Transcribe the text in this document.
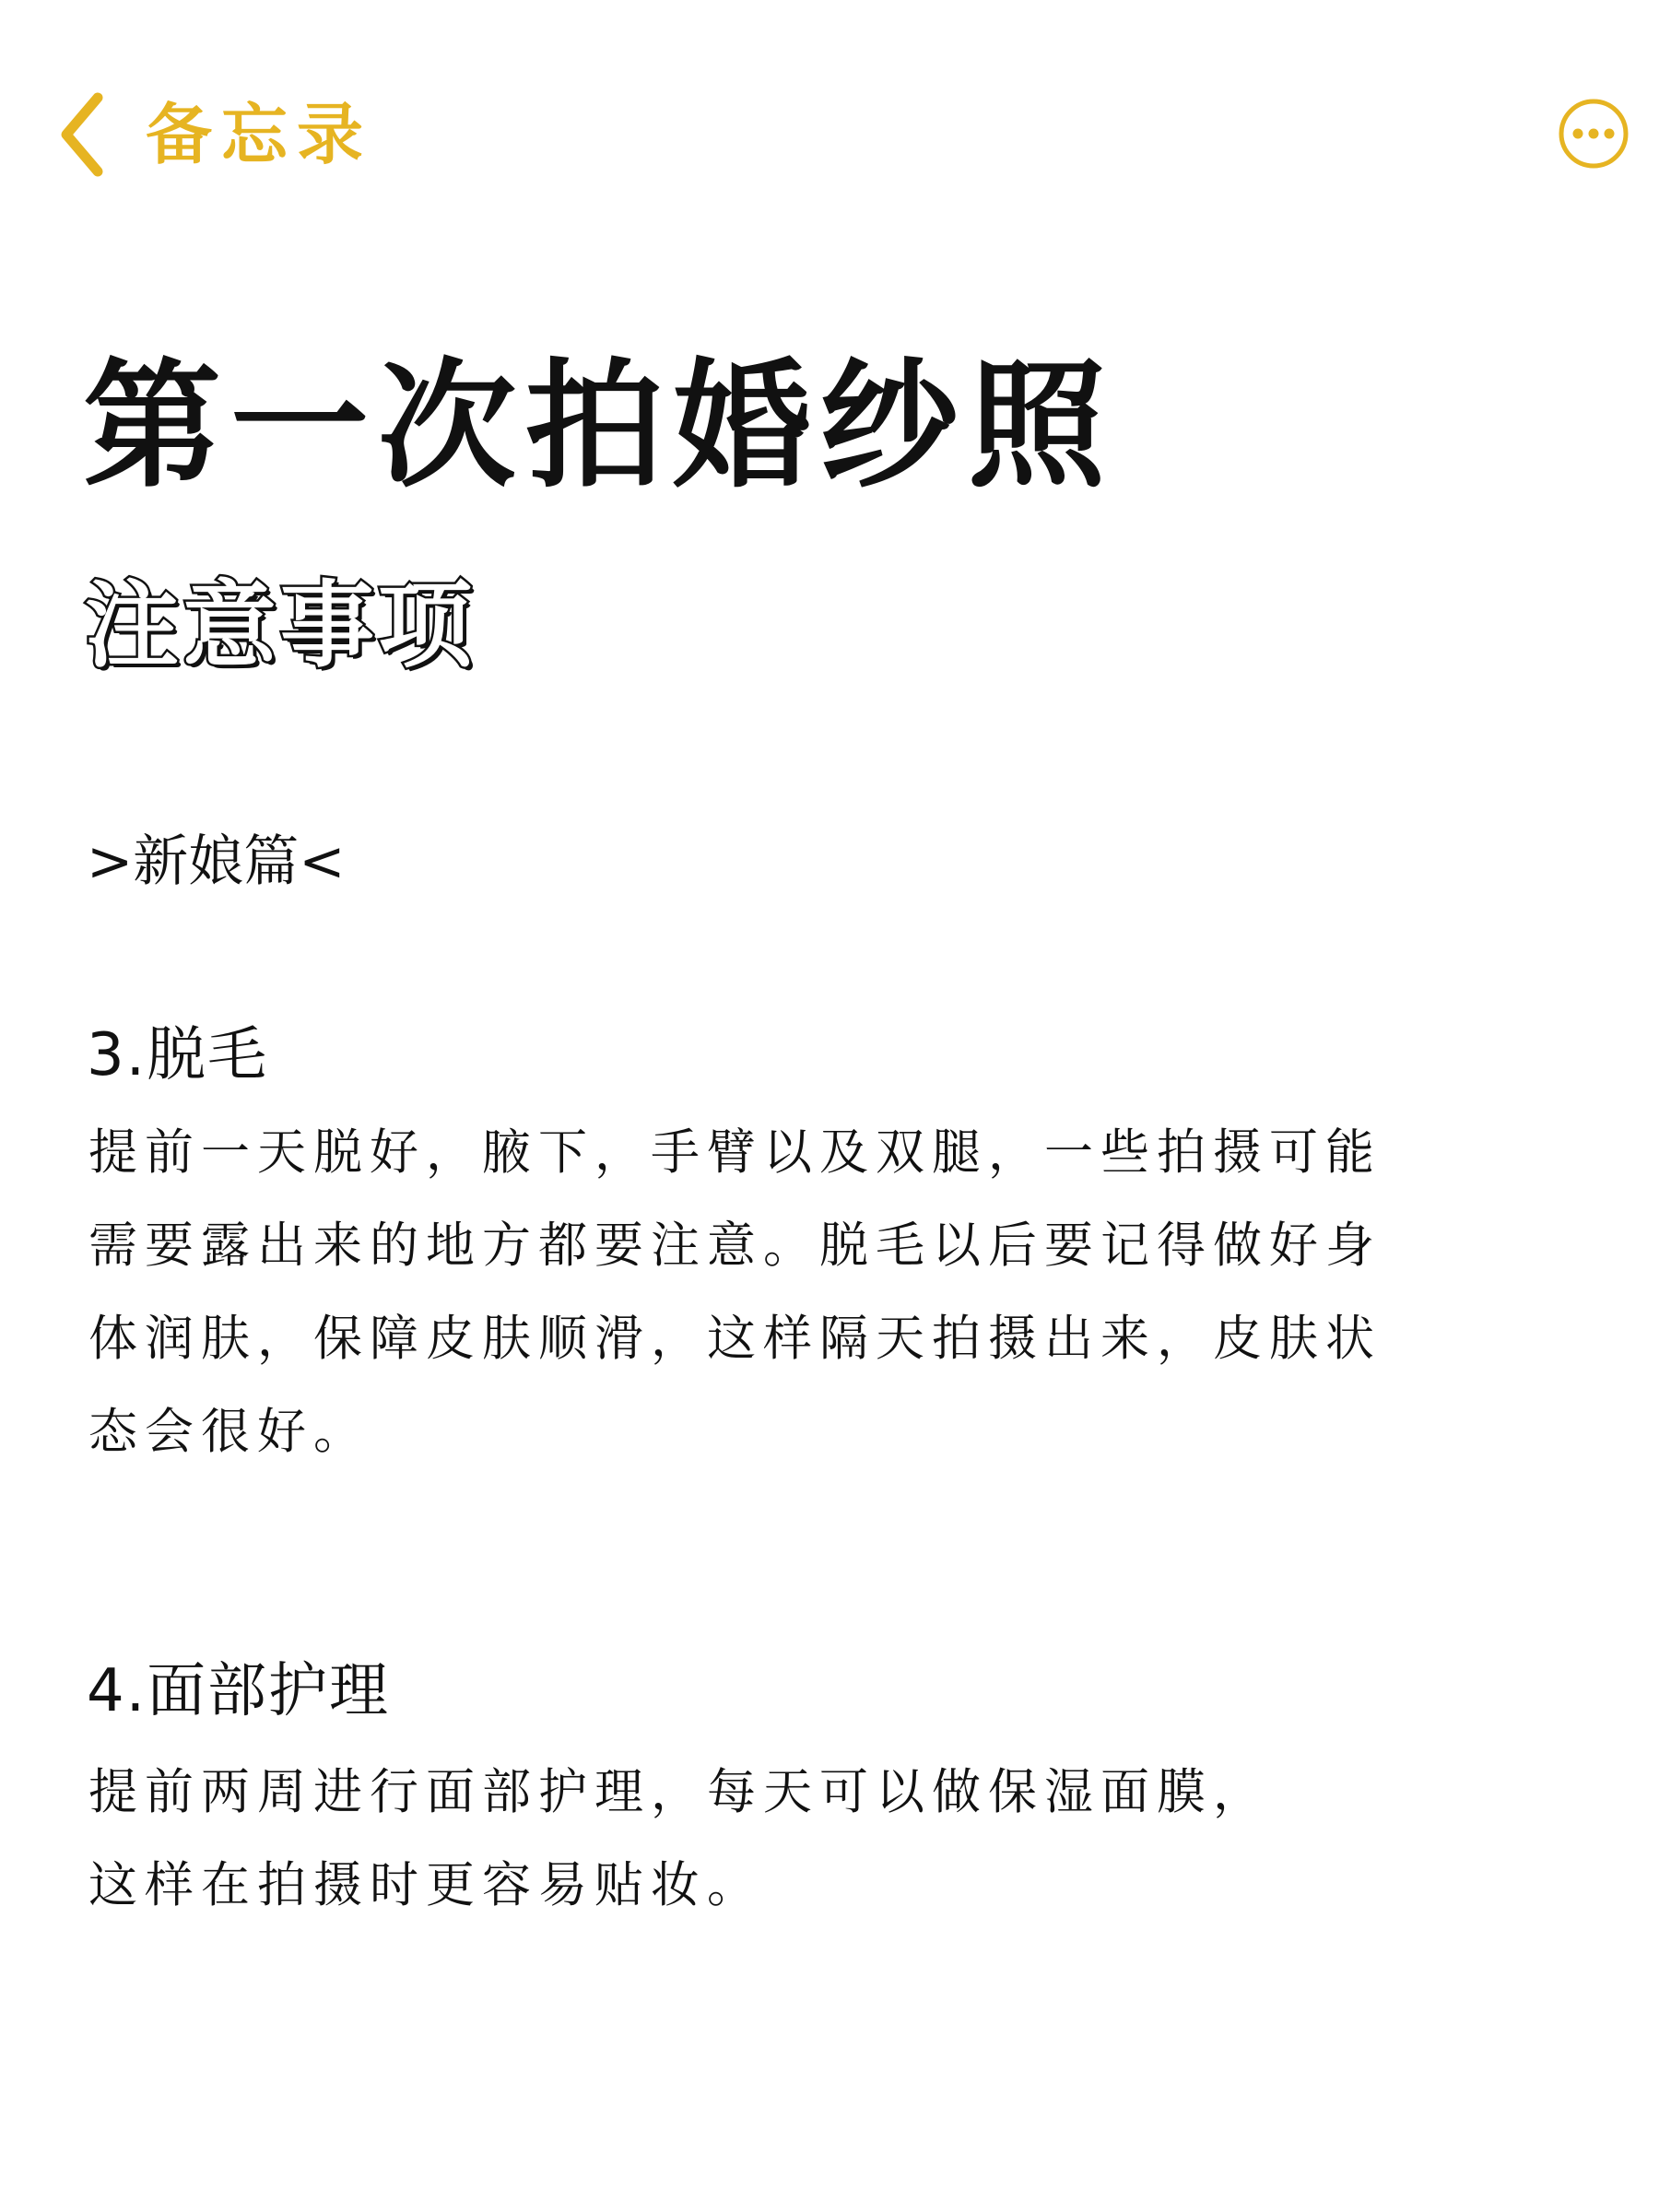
备忘录
第一次拍婚纱照
注意事项
>新娘篇<
3.脱毛
提前一天脱好，腋下，手臂以及双腿，一些拍摄可能
需要露出来的地方都要注意。脱毛以后要记得做好身
体润肤，保障皮肤顺滑，这样隔天拍摄出来，皮肤状
态会很好。
4.面部护理
提前两周进行面部护理，每天可以做保湿面膜，
这样在拍摄时更容易贴妆。
